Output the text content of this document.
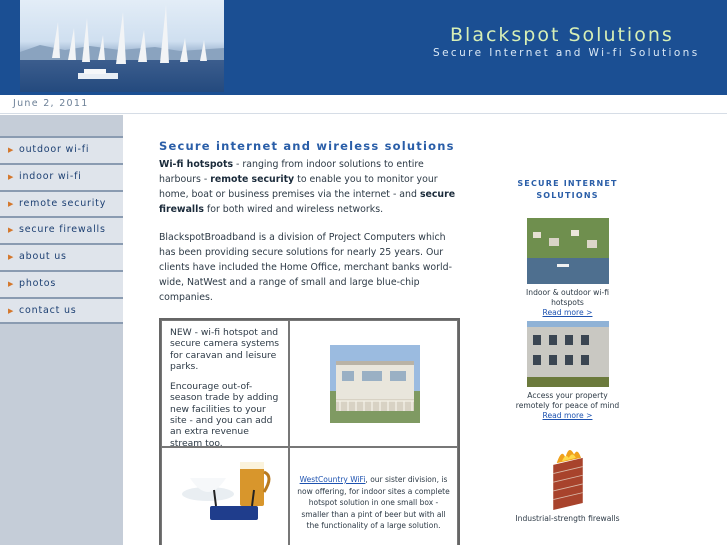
Blackspot Solutions
Secure Internet and Wi-fi Solutions
June 2, 2011
▶ outdoor wi-fi
▶ indoor wi-fi
▶ remote security
▶ secure firewalls
▶ about us
▶ photos
▶ contact us
Secure internet and wireless solutions

Wi-fi hotspots - ranging from indoor solutions to entire harbours - remote security to enable you to monitor your home, boat or business premises via the internet - and secure firewalls for both wired and wireless networks.

BlackspotBroadband is a division of Project Computers which has been providing secure solutions for nearly 25 years. Our clients have included the Home Office, merchant banks world-wide, NatWest and a range of small and large blue-chip companies.

NEW - wi-fi hotspot and secure camera systems for caravan and leisure parks.

Encourage out-of-season trade by adding new facilities to your site - and you can add an extra revenue stream too.

WestCountry WiFi, our sister division, is now offering, for indoor sites a complete hotspot solution in one small box - smaller than a pint of beer but with all the functionality of a large solution.
SECURE INTERNET SOLUTIONS
Indoor & outdoor wi-fi hotspots
Read more >
Access your property remotely for peace of mind
Read more >
Industrial-strength firewalls
